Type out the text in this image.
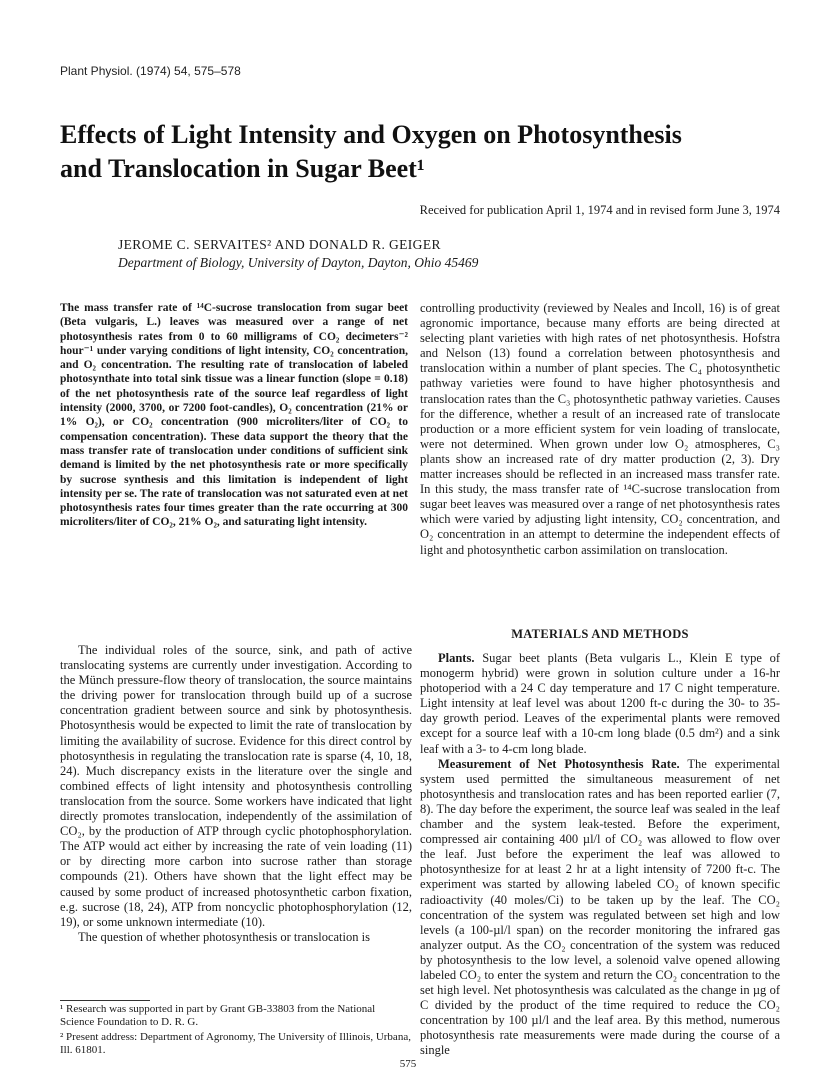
Plant Physiol. (1974) 54, 575–578
Effects of Light Intensity and Oxygen on Photosynthesis
and Translocation in Sugar Beet¹
Received for publication April 1, 1974 and in revised form June 3, 1974
JEROME C. SERVAITES² AND DONALD R. GEIGER
Department of Biology, University of Dayton, Dayton, Ohio 45469
The mass transfer rate of ¹⁴C-sucrose translocation from sugar beet (Beta vulgaris, L.) leaves was measured over a range of net photosynthesis rates from 0 to 60 milligrams of CO₂ decimeters⁻² hour⁻¹ under varying conditions of light intensity, CO₂ concentration, and O₂ concentration. The resulting rate of translocation of labeled photosynthate into total sink tissue was a linear function (slope = 0.18) of the net photosynthesis rate of the source leaf regardless of light intensity (2000, 3700, or 7200 foot-candles), O₂ concentration (21% or 1% O₂), or CO₂ concentration (900 microliters/liter of CO₂ to compensation concentration). These data support the theory that the mass transfer rate of translocation under conditions of sufficient sink demand is limited by the net photosynthesis rate or more specifically by sucrose synthesis and this limitation is independent of light intensity per se. The rate of translocation was not saturated even at net photosynthesis rates four times greater than the rate occurring at 300 microliters/liter of CO₂, 21% O₂, and saturating light intensity.

The individual roles of the source, sink, and path of active translocating systems are currently under investigation. According to the Münch pressure-flow theory of translocation, the source maintains the driving power for translocation through build up of a sucrose concentration gradient between source and sink by photosynthesis. Photosynthesis would be expected to limit the rate of translocation by limiting the availability of sucrose. Evidence for this direct control by photosynthesis in regulating the translocation rate is sparse (4, 10, 18, 24). Much discrepancy exists in the literature over the single and combined effects of light intensity and photosynthesis controlling translocation from the source. Some workers have indicated that light directly promotes translocation, independently of the assimilation of CO₂, by the production of ATP through cyclic photophosphorylation. The ATP would act either by increasing the rate of vein loading (11) or by directing more carbon into sucrose rather than storage compounds (21). Others have shown that the light effect may be caused by some product of increased photosynthetic carbon fixation, e.g. sucrose (18, 24), ATP from noncyclic photophosphorylation (12, 19), or some unknown intermediate (10).

The question of whether photosynthesis or translocation is

controlling productivity (reviewed by Neales and Incoll, 16) is of great agronomic importance, because many efforts are being directed at selecting plant varieties with high rates of net photosynthesis. Hofstra and Nelson (13) found a correlation between photosynthesis and translocation within a number of plant species. The C₄ photosynthetic pathway varieties were found to have higher photosynthesis and translocation rates than the C₃ photosynthetic pathway varieties. Causes for the difference, whether a result of an increased rate of translocate production or a more efficient system for vein loading of translocate, were not determined. When grown under low O₂ atmospheres, C₃ plants show an increased rate of dry matter production (2, 3). Dry matter increases should be reflected in an increased mass transfer rate. In this study, the mass transfer rate of ¹⁴C-sucrose translocation from sugar beet leaves was measured over a range of net photosynthesis rates which were varied by adjusting light intensity, CO₂ concentration, and O₂ concentration in an attempt to determine the independent effects of light and photosynthetic carbon assimilation on translocation.

MATERIALS AND METHODS

Plants. Sugar beet plants (Beta vulgaris L., Klein E type of monogerm hybrid) were grown in solution culture under a 16-hr photoperiod with a 24 C day temperature and 17 C night temperature. Light intensity at leaf level was about 1200 ft-c during the 30- to 35-day growth period. Leaves of the experimental plants were removed except for a source leaf with a 10-cm long blade (0.5 dm²) and a sink leaf with a 3- to 4-cm long blade.

Measurement of Net Photosynthesis Rate. The experimental system used permitted the simultaneous measurement of net photosynthesis and translocation rates and has been reported earlier (7, 8). The day before the experiment, the source leaf was sealed in the leaf chamber and the system leak-tested. Before the experiment, compressed air containing 400 µl/l of CO₂ was allowed to flow over the leaf. Just before the experiment the leaf was allowed to photosynthesize for at least 2 hr at a light intensity of 7200 ft-c. The experiment was started by allowing labeled CO₂ of known specific radioactivity (40 moles/Ci) to be taken up by the leaf. The CO₂ concentration of the system was regulated between set high and low levels (a 100-µl/l span) on the recorder monitoring the infrared gas analyzer output. As the CO₂ concentration of the system was reduced by photosynthesis to the low level, a solenoid valve opened allowing labeled CO₂ to enter the system and return the CO₂ concentration to the set high level. Net photosynthesis was calculated as the change in µg of C divided by the product of the time required to reduce the CO₂ concentration by 100 µl/l and the leaf area. By this method, numerous photosynthesis rate measurements were made during the course of a single

¹ Research was supported in part by Grant GB-33803 from the National Science Foundation to D. R. G.

² Present address: Department of Agronomy, The University of Illinois, Urbana, Ill. 61801.

575
